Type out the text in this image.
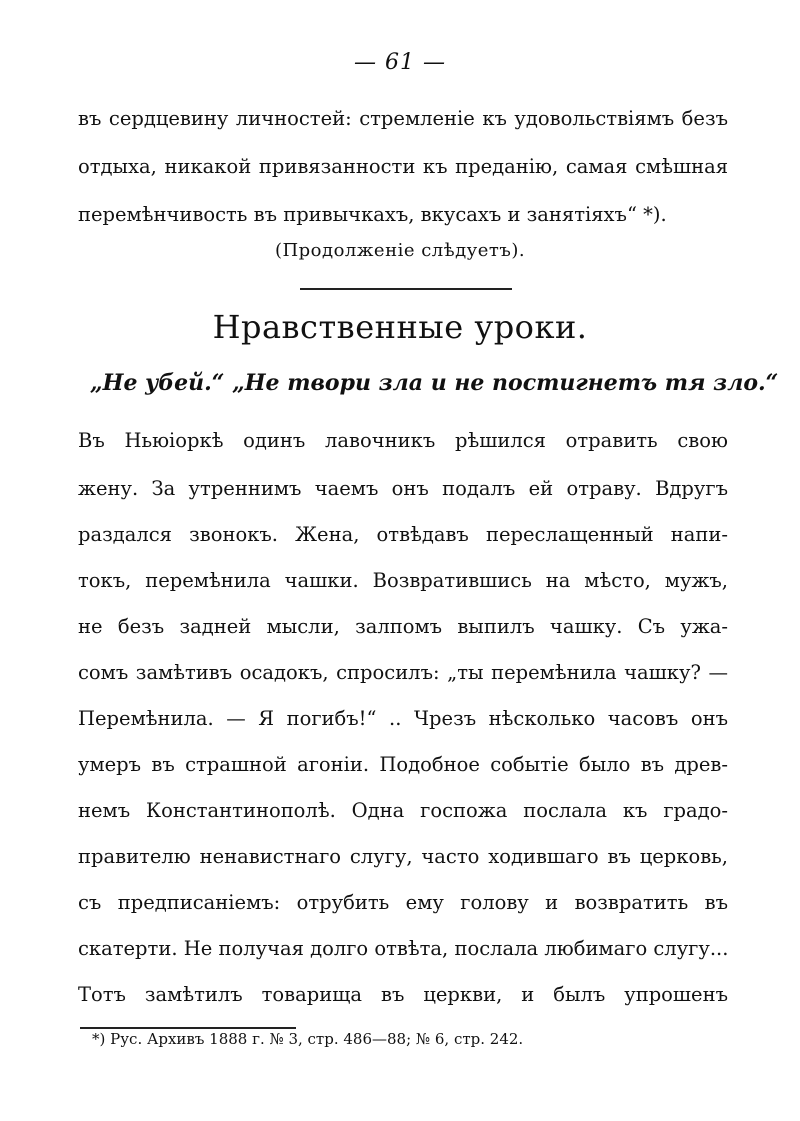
— 61 —
въ сердцевину личностей: стремленіе къ удовольствіямъ безъ
отдыха, никакой привязанности къ преданію, самая смѣшная
перемѣнчивость въ привычкахъ, вкусахъ и занятіяхъ“ *).
(Продолженіе слѣдуетъ).
Нравственные уроки.
„Не убей.“ „Не твори зла и не постигнетъ тя зло.“
Въ Ньюіоркѣ одинъ лавочникъ рѣшился отравить свою
жену. За утреннимъ чаемъ онъ подалъ ей отраву. Вдругъ
раздался звонокъ. Жена, отвѣдавъ переслащенный напи-
токъ, перемѣнила чашки. Возвратившись на мѣсто, мужъ,
не безъ задней мысли, залпомъ выпилъ чашку. Съ ужа-
сомъ замѣтивъ осадокъ, спросилъ: „ты перемѣнила чашку? —
Перемѣнила. — Я погибъ!“ .. Чрезъ нѣсколько часовъ онъ
умеръ въ страшной агоніи. Подобное событіе было въ древ-
немъ Константинополѣ. Одна госпожа послала къ градо-
правителю ненавистнаго слугу, часто ходившаго въ церковь,
съ предписаніемъ: отрубить ему голову и возвратить въ
скатерти. Не получая долго отвѣта, послала любимаго слугу...
Тотъ замѣтилъ товарища въ церкви, и былъ упрошенъ
*) Рус. Архивъ 1888 г. № 3, стр. 486—88; № 6, стр. 242.
